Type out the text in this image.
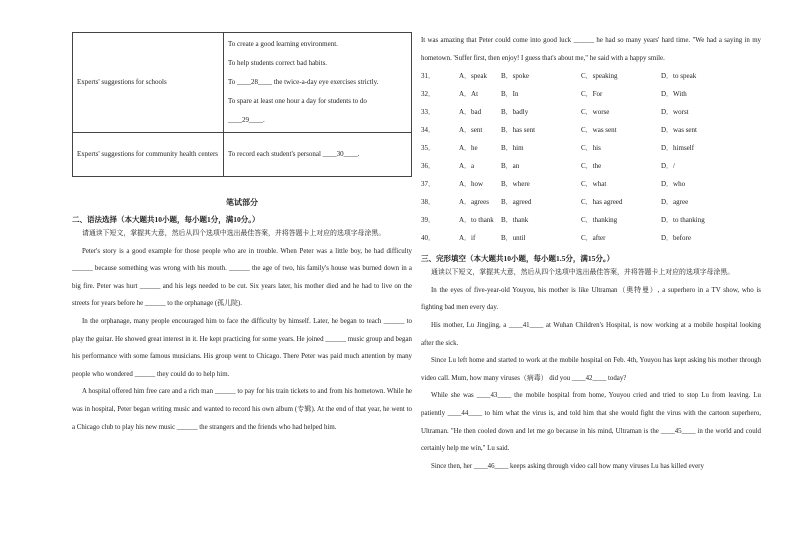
Experts' suggestions for schools	To create a good learning environment.
To help students correct bad habits.
To ____28____ the twice-a-day eye exercises strictly.
To spare at least one hour a day for students to do
____29____.

Experts' suggestions for community health centers	To record each student's personal ____30____.
笔试部分
二、语法选择（本大题共10小题，每小题1分，满10分。）

请通读下短文，掌握其大意，然后从四个选项中选出最佳答案，并将答题卡上对应的选项字母涂黑。

Peter's story is a good example for those people who are in trouble. When Peter was a little boy, he had difficulty ______ because something was wrong with his mouth. ______ the age of two, his family's house was burned down in a big fire. Peter was hurt ______ and his legs needed to be cut. Six years later, his mother died and he had to live on the streets for years before he ______ to the orphanage (孤儿院).

In the orphanage, many people encouraged him to face the difficulty by himself. Later, he began to teach ______ to play the guitar. He showed great interest in it. He kept practicing for some years. He joined ______ music group and began his performance with some famous musicians. His group went to Chicago. There Peter was paid much attention by many people who wondered ______ they could do to help him.

A hospital offered him free care and a rich man ______ to pay for his train tickets to and from his hometown. While he was in hospital, Peter began writing music and wanted to record his own album (专辑). At the end of that year, he went to a Chicago club to play his new music ______ the strangers and the friends who had helped him.

It was amazing that Peter could come into good luck ______ he had so many years' hard time. "We had a saying in my hometown. 'Suffer first, then enjoy! I guess that's about me," he said with a happy smile.

31．	A．speak	B．spoke	C．speaking	D．to speak
32．	A．At	B．In	C．For	D．With
33．	A．bad	B．badly	C．worse	D．worst
34．	A．sent	B．has sent	C．was sent	D．was sent
35．	A．he	B．him	C．his	D．himself
36．	A．a	B．an	C．the	D．/
37．	A．how	B．where	C．what	D．who
38．	A．agrees	B．agreed	C．has agreed	D．agree
39．	A．to thank	B．thank	C．thanking	D．to thanking
40．	A．if	B．until	C．after	D．before
三、完形填空（本大题共10小题，每小题1.5分，满15分。）

通读以下短文，掌握其大意，然后从四个选项中选出最佳答案，并将答题卡上对应的选项字母涂黑。

In the eyes of five-year-old Youyou, his mother is like Ultraman（奥特曼）, a superhero in a TV show, who is fighting bad men every day.

His mother, Lu Jingjing, a ____41____ at Wuhan Children's Hospital, is now working at a mobile hospital looking after the sick.

Since Lu left home and started to work at the mobile hospital on Feb. 4th, Youyou has kept asking his mother through video call. Mum, how many viruses（病毒） did you ____42____ today?

While she was ____43____ the mobile hospital from home, Youyou cried and tried to stop Lu from leaving. Lu patiently ____44____ to him what the virus is, and told him that she would fight the virus with the cartoon superhero, Ultraman. "He then cooled down and let me go because in his mind, Ultraman is the ____45____ in the world and could certainly help me win," Lu said.

Since then, her ____46____ keeps asking through video call how many viruses Lu has killed every
